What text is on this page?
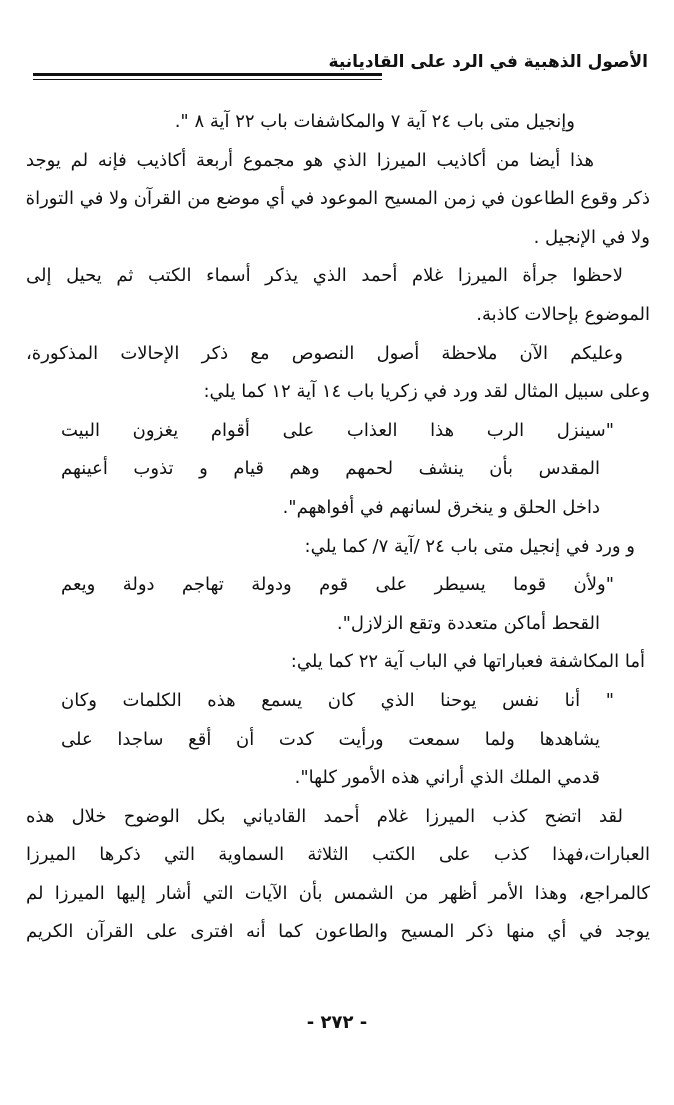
الأصول الذهبية في الرد على القاديانية
وإنجيل متى باب ٢٤ آية ٧ والمكاشفات باب ٢٢ آية ٨ ".
هذا أيضا من أكاذيب الميرزا الذي هو مجموع أربعة أكاذيب فإنه لم يوجد
ذكر وقوع الطاعون في زمن المسيح الموعود في أي موضع من القرآن ولا في التوراة
ولا في الإنجيل .
لاحظوا جرأة الميرزا غلام أحمد الذي يذكر أسماء الكتب ثم يحيل إلى
الموضوع بإحالات كاذبة.
وعليكم الآن ملاحظة أصول النصوص مع ذكر الإحالات المذكورة،
وعلى سبيل المثال لقد ورد في زكريا باب ١٤ آية ١٢ كما يلي:
"سينزل الرب هذا العذاب على أقوام يغزون البيت
المقدس بأن ينشف لحمهم وهم قيام و تذوب أعينهم
داخل الحلق و ينخرق لسانهم في أفواههم".
و ورد في إنجيل متى باب ٢٤ /آية ٧/ كما يلي:
"ولأن قوما يسيطر على قوم ودولة تهاجم دولة ويعم
القحط أماكن متعددة وتقع الزلازل".
أما المكاشفة فعباراتها في الباب آية ٢٢ كما يلي:
" أنا نفس يوحنا الذي كان يسمع هذه الكلمات وكان
يشاهدها ولما سمعت ورأيت كدت أن أقع ساجدا على
قدمي الملك الذي أراني هذه الأمور كلها".
لقد اتضح كذب الميرزا غلام أحمد القادياني بكل الوضوح خلال هذه
العبارات،فهذا كذب على الكتب الثلاثة السماوية التي ذكرها الميرزا
كالمراجع، وهذا الأمر أظهر من الشمس بأن الآيات التي أشار إليها الميرزا لم
يوجد في أي منها ذكر المسيح والطاعون كما أنه افترى على القرآن الكريم
- ٢٧٢ -
